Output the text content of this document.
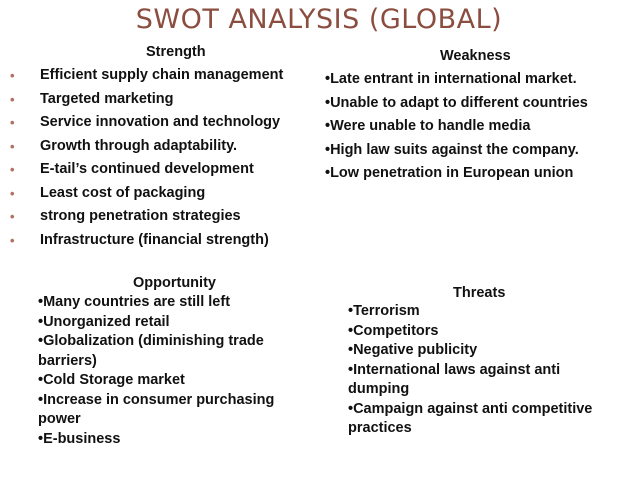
SWOT ANALYSIS (GLOBAL)
Strength
• Efficient supply chain management
• Targeted marketing
• Service innovation and technology
• Growth through adaptability.
• E-tail’s continued development
• Least cost of packaging
• strong penetration strategies
• Infrastructure (financial strength)
Weakness
•Late entrant in international market.
•Unable to adapt to different countries
•Were unable to handle media
•High law suits against the company.
•Low penetration in European union
Opportunity
•Many countries are still left
•Unorganized retail
•Globalization (diminishing trade
barriers)
•Cold Storage market
•Increase in consumer purchasing
power
•E-business
Threats
•Terrorism
•Competitors
•Negative publicity
•International laws against anti
dumping
•Campaign against anti competitive
practices
